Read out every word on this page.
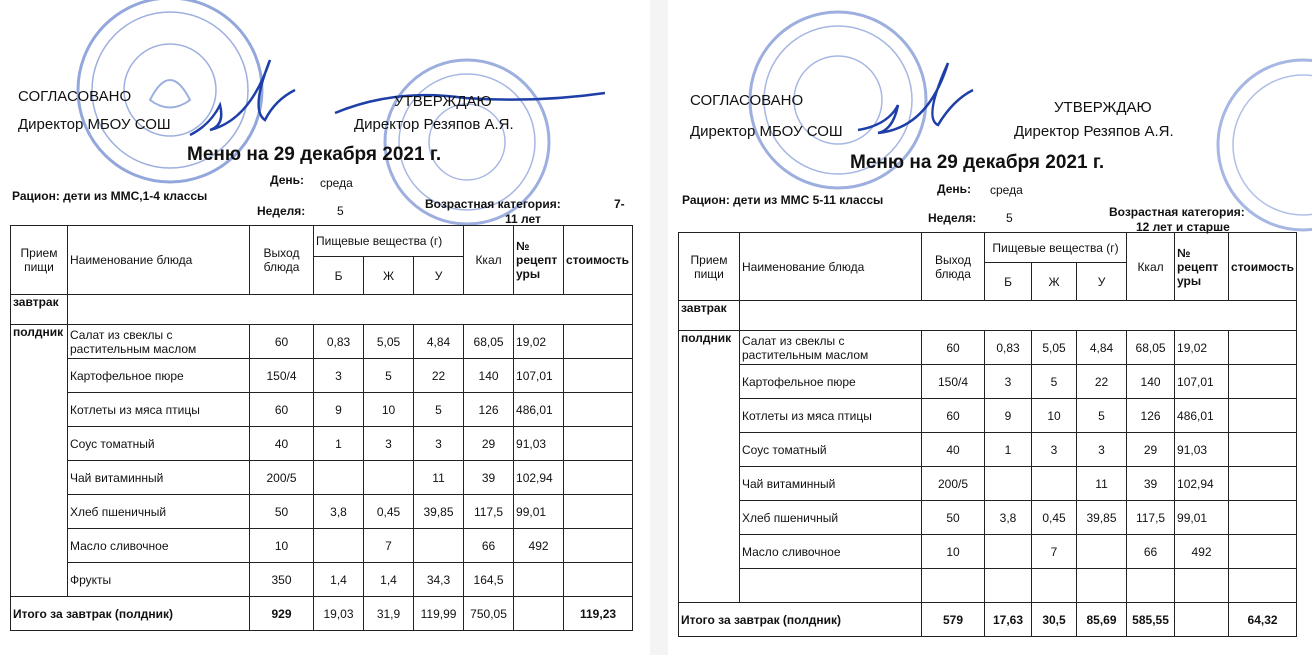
СОГЛАСОВАНО
Директор МБОУ СОШ
УТВЕРЖДАЮ
Директор Резяпов А.Я.
Меню на 29 декабря 2021 г.
Рацион: дети из ММС,1-4 классы
День: среда
Неделя:	5	Возрастная категория:	7-
11 лет
Прием пищи	Наименование блюда	Выход блюда	Пищевые вещества (г)			Ккал	№ рецепт уры	стоимость
			Б	Ж	У			
завтрак								
полдник	Салат из свеклы с растительным маслом	60	0,83	5,05	4,84	68,05	19,02	
	Картофельное пюре	150/4	3	5	22	140	107,01	
	Котлеты из мяса птицы	60	9	10	5	126	486,01	
	Соус томатный	40	1	3	3	29	91,03	
	Чай витаминный	200/5			11	39	102,94	
	Хлеб пшеничный	50	3,8	0,45	39,85	117,5	99,01	
	Масло сливочное	10		7		66	492	
	Фрукты	350	1,4	1,4	34,3	164,5		
Итого за завтрак (полдник)		929	19,03	31,9	119,99	750,05		119,23
СОГЛАСОВАНО
Директор МБОУ СОШ
УТВЕРЖДАЮ
Директор Резяпов А.Я.
Меню на 29 декабря 2021 г.
Рацион: дети из ММС 5-11 классы
День: среда
Неделя: 5	Возрастная категория:
12 лет и старше
Прием пищи	Наименование блюда	Выход блюда	Пищевые вещества (г)			Ккал	№ рецепт уры	стоимость
			Б	Ж	У			
завтрак								
полдник	Салат из свеклы с растительным маслом	60	0,83	5,05	4,84	68,05	19,02	
	Картофельное пюре	150/4	3	5	22	140	107,01	
	Котлеты из мяса птицы	60	9	10	5	126	486,01	
	Соус томатный	40	1	3	3	29	91,03	
	Чай витаминный	200/5			11	39	102,94	
	Хлеб пшеничный	50	3,8	0,45	39,85	117,5	99,01	
	Масло сливочное	10		7		66	492	

Итого за завтрак (полдник)		579	17,63	30,5	85,69	585,55		64,32
